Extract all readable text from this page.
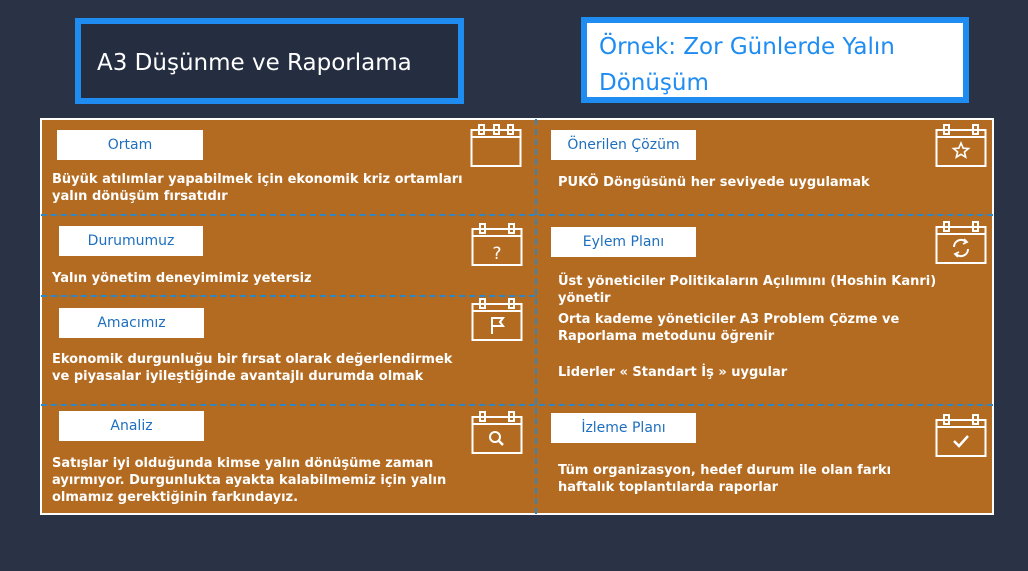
A3 Düşünme ve Raporlama
Örnek: Zor Günlerde Yalın Dönüşüm
Ortam
Büyük atılımlar yapabilmek için ekonomik kriz ortamları yalın dönüşüm fırsatıdır
Durumumuz
Yalın yönetim deneyimimiz yetersiz
Amacımız
Ekonomik durgunluğu bir fırsat olarak değerlendirmek ve piyasalar iyileştiğinde avantajlı durumda olmak
Analiz
Satışlar iyi olduğunda kimse yalın dönüşüme zaman ayırmıyor. Durgunlukta ayakta kalabilmemiz için yalın olmamız gerektiğinin farkındayız.
Önerilen Çözüm
PUKÖ Döngüsünü her seviyede uygulamak
Eylem Planı
Üst yöneticiler Politikaların Açılımını (Hoshin Kanri) yönetir
Orta kademe yöneticiler A3 Problem Çözme ve Raporlama metodunu öğrenir
Liderler « Standart İş » uygular
İzleme Planı
Tüm organizasyon, hedef durum ile olan farkı haftalık toplantılarda raporlar
?
